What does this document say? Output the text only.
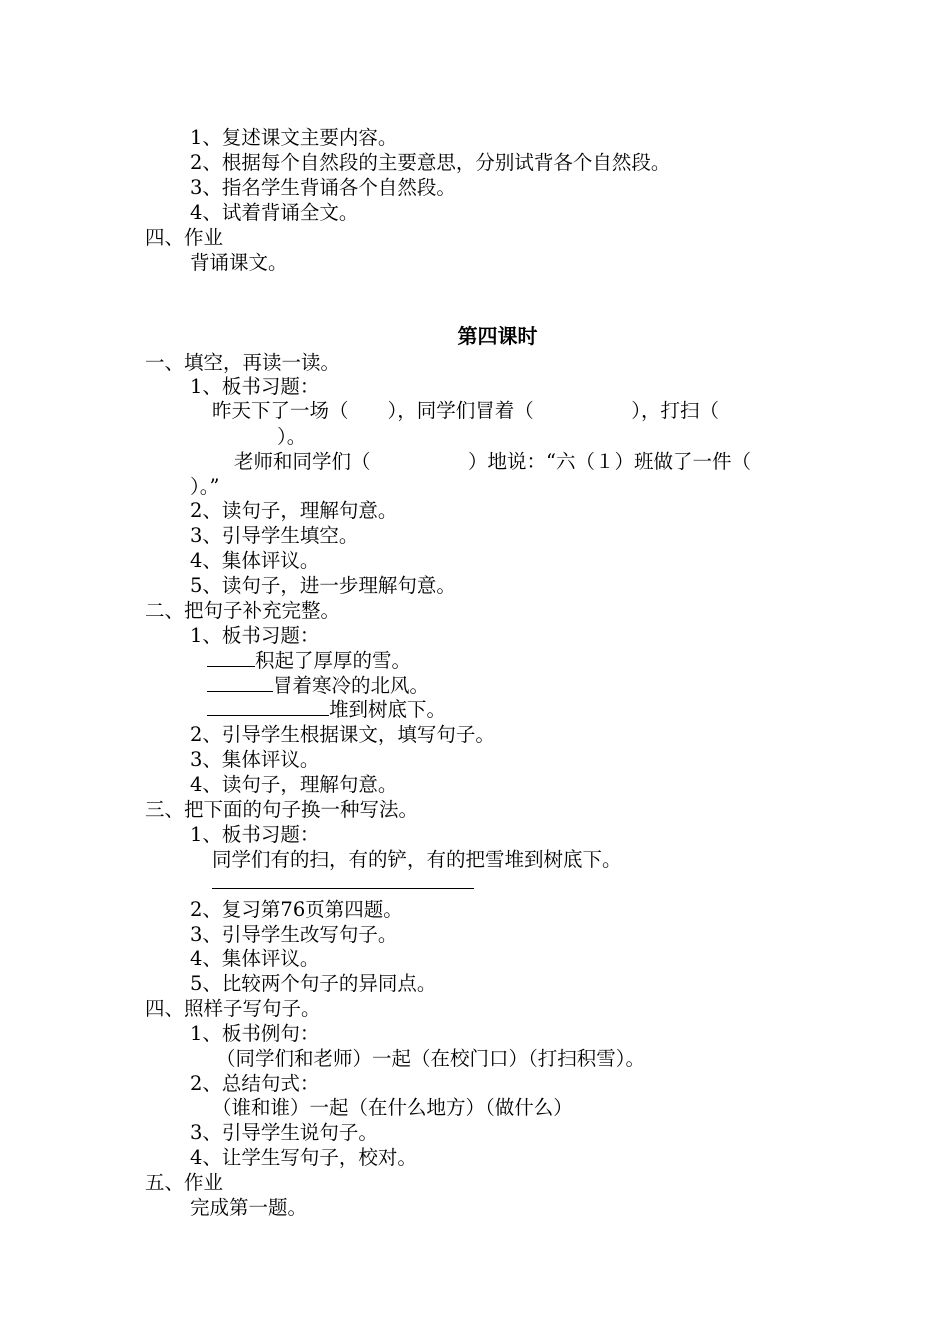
1、复述课文主要内容。
2、根据每个自然段的主要意思，分别试背各个自然段。
3、指名学生背诵各个自然段。
4、试着背诵全文。
四、作业
背诵课文。
第四课时
一、填空，再读一读。
1、板书习题：
昨天下了一场（　　），同学们冒着（　　　　　），打扫（
　　）。
老师和同学们（　　　　　）地说：“六（１）班做了一件（
）。”
2、读句子，理解句意。
3、引导学生填空。
4、集体评议。
5、读句子，进一步理解句意。
二、把句子补充完整。
1、板书习题：
积起了厚厚的雪。
冒着寒冷的北风。
堆到树底下。
2、引导学生根据课文，填写句子。
3、集体评议。
4、读句子，理解句意。
三、把下面的句子换一种写法。
1、板书习题：
同学们有的扫，有的铲，有的把雪堆到树底下。
2、复习第76页第四题。
3、引导学生改写句子。
4、集体评议。
5、比较两个句子的异同点。
四、照样子写句子。
1、板书例句：
（同学们和老师）一起（在校门口）（打扫积雪）。
2、总结句式：
（谁和谁）一起（在什么地方）（做什么）
3、引导学生说句子。
4、让学生写句子，校对。
五、作业
完成第一题。
